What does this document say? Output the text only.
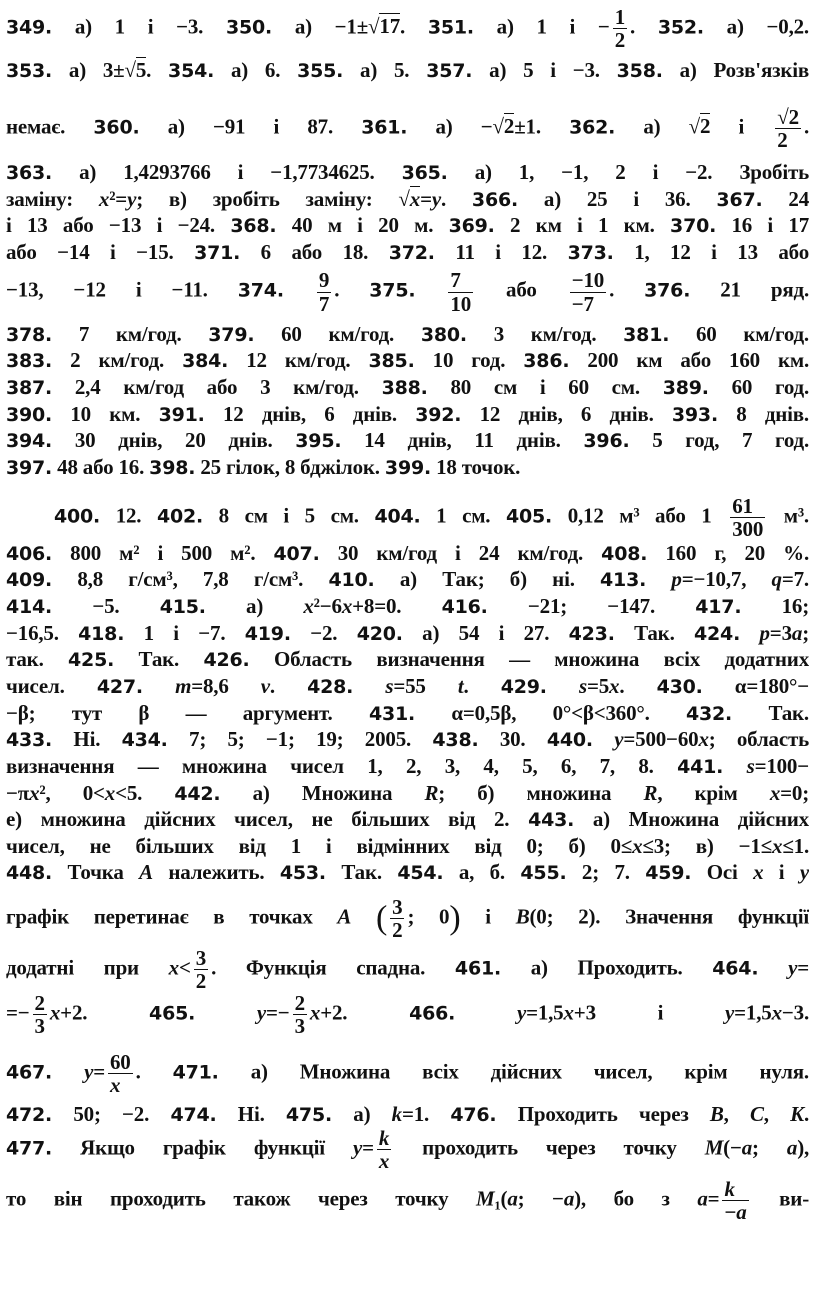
349. а) 1 і −3. 350. а) −1±√17. 351. а) 1 $і - \frac{1}{2}$ . 352. а) −0,2.
353. а) 3±√5. 354. а) 6. 355. а) 5. 357. а) 5 і −3. 358. а) Розв'язків
немає. 360. а) −91 і 87. 361. а) −√2±1. 362. а) √2 і $\frac{√2}{2}$ .
363. а) 1,4293766 і −1,7734625. 365. а) 1, −1, 2 і −2. Зробіть
заміну: x²=y; в) зробіть заміну: √x=y. 366. а) 25 і 36. 367. 24
і 13 або −13 і −24. 368. 40 м і 20 м. 369. 2 км і 1 км. 370. 16 і 17
або −14 і −15. 371. 6 або 18. 372. 11 і 12. 373. 1, 12 і 13 або
−13, −12 і −11. 374. $\frac{9}{7}$ . 375. $\frac{7}{10}$ або $\frac{-10}{-7}$ . 376. 21 ряд.
378. 7 км/год. 379. 60 км/год. 380. 3 км/год. 381. 60 км/год.
383. 2 км/год. 384. 12 км/год. 385. 10 год. 386. 200 км або 160 км.
387. 2,4 км/год або 3 км/год. 388. 80 см і 60 см. 389. 60 год.
390. 10 км. 391. 12 днів, 6 днів. 392. 12 днів, 6 днів. 393. 8 днів.
394. 30 днів, 20 днів. 395. 14 днів, 11 днів. 396. 5 год, 7 год.
397. 48 або 16. 398. 25 гілок, 8 бджілок. 399. 18 точок.
400. 12. 402. 8 см і 5 см. 404. 1 см. 405. 0,12 м³ або $1 \frac{61}{300} м^3$.
406. 800 м² і 500 м². 407. 30 км/год і 24 км/год. 408. 160 г, 20 %.
409. 8,8 г/см³, 7,8 г/см³. 410. а) Так; б) ні. 413. p=−10,7, q=7.
414. −5. 415. а) x²−6x+8=0. 416. −21; −147. 417. 16;
−16,5. 418. 1 і −7. 419. −2. 420. а) 54 і 27. 423. Так. 424. p=3a;
так. 425. Так. 426. Область визначення — множина всіх додатних
чисел. 427. m=8,6 v. 428. s=55 t. 429. s=5x. 430. α=180°−
−β; тут β — аргумент. 431. α=0,5β, 0°<β<360°. 432. Так.
433. Ні. 434. 7; 5; −1; 19; 2005. 438. 30. 440. y=500−60x; область
визначення — множина чисел 1, 2, 3, 4, 5, 6, 7, 8. 441. s=100−
−πx², 0<x<5. 442. а) Множина R; б) множина R, крім x=0;
е) множина дійсних чисел, не більших від 2. 443. а) Множина дійсних
чисел, не більших від 1 і відмінних від 0; б) 0≤x≤3; в) −1≤x≤1.
448. Точка A належить. 453. Так. 454. а, б. 455. 2; 7. 459. Осі x і y
графік перетинає в точках A ( $\frac{3}{2}$ ; 0) і B(0; 2). Значення функції
додатні при $x< \frac{3}{2}$ . Функція спадна. 461. а) Проходить. 464. y=
=− $\frac{2}{3} x+2$. 465.	$y=- \frac{2}{3} x+2$. 466.	y=1,5x+3 і y=1,5x−3.
467. $y= \frac{60}{x}$ . 471. а) Множина всіх дійсних чисел, крім нуля.
472. 50; −2. 474. Ні. 475. а) k=1. 476. Проходить через B, C, K.
477. Якщо графік функції $y= \frac{k}{x}$ проходить через точку M(−a; a),
то він проходить також через точку M₁(a; −a), бо з $a= \frac{k}{-a} ви-$
